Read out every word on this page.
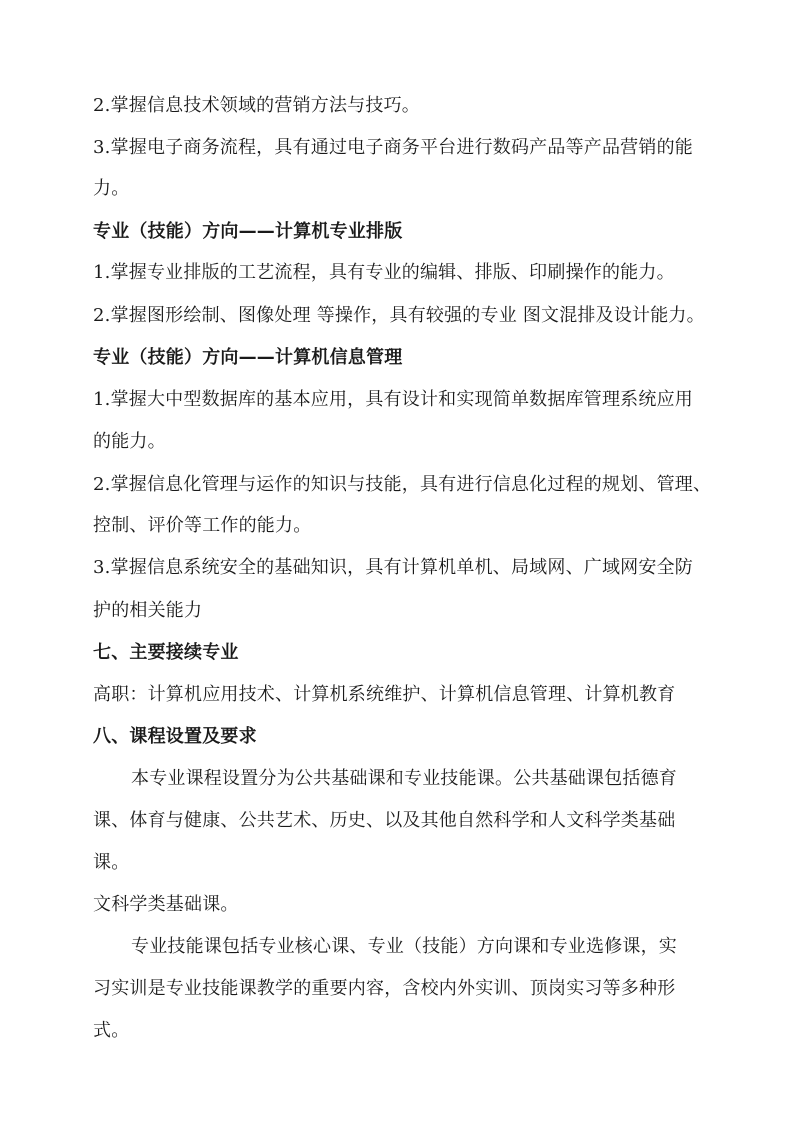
2.掌握信息技术领域的营销方法与技巧。
3.掌握电子商务流程，具有通过电子商务平台进行数码产品等产品营销的能
力。
专业（技能）方向——计算机专业排版
1.掌握专业排版的工艺流程，具有专业的编辑、排版、印刷操作的能力。
2.掌握图形绘制、图像处理 等操作，具有较强的专业 图文混排及设计能力。
专业（技能）方向——计算机信息管理
1.掌握大中型数据库的基本应用，具有设计和实现简单数据库管理系统应用
的能力。
2.掌握信息化管理与运作的知识与技能，具有进行信息化过程的规划、管理、
控制、评价等工作的能力。
3.掌握信息系统安全的基础知识，具有计算机单机、局域网、广域网安全防
护的相关能力
七、主要接续专业
高职：计算机应用技术、计算机系统维护、计算机信息管理、计算机教育
八、课程设置及要求
本专业课程设置分为公共基础课和专业技能课。公共基础课包括德育
课、体育与健康、公共艺术、历史、以及其他自然科学和人文科学类基础
课。
文科学类基础课。
专业技能课包括专业核心课、专业（技能）方向课和专业选修课，实
习实训是专业技能课教学的重要内容，含校内外实训、顶岗实习等多种形
式。
